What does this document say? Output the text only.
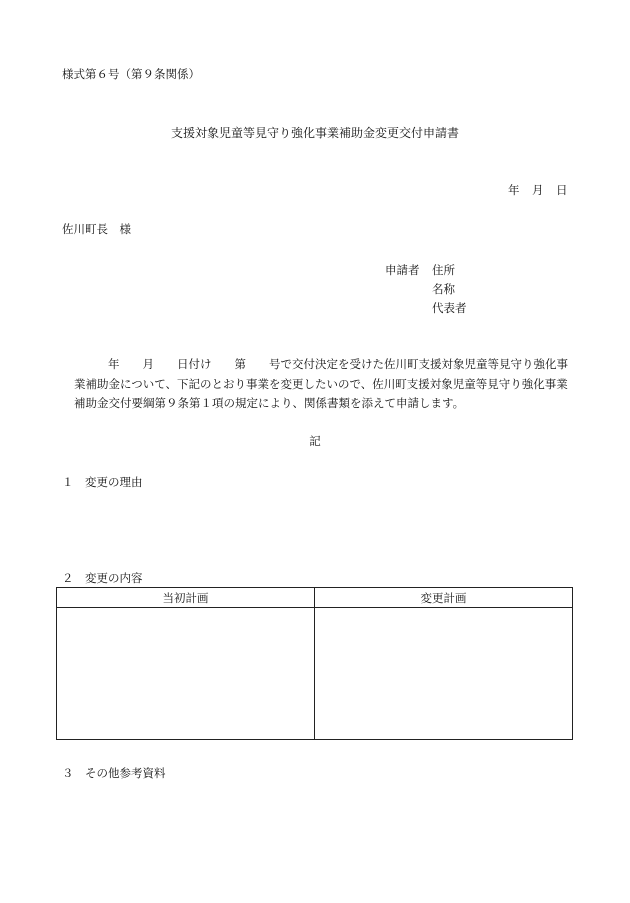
様式第６号（第９条関係）
支援対象児童等見守り強化事業補助金変更交付申請書
年　月　日
佐川町長　様
申請者 住所
名称
代表者
年　　月　　日付け　　第　　号で交付決定を受けた佐川町支援対象児童等見守り強化事
業補助金について、下記のとおり事業を変更したいので、佐川町支援対象児童等見守り強化事業
補助金交付要綱第９条第１項の規定により、関係書類を添えて申請します。
記
１　変更の理由
２　変更の内容
当初計画	変更計画

３　その他参考資料
